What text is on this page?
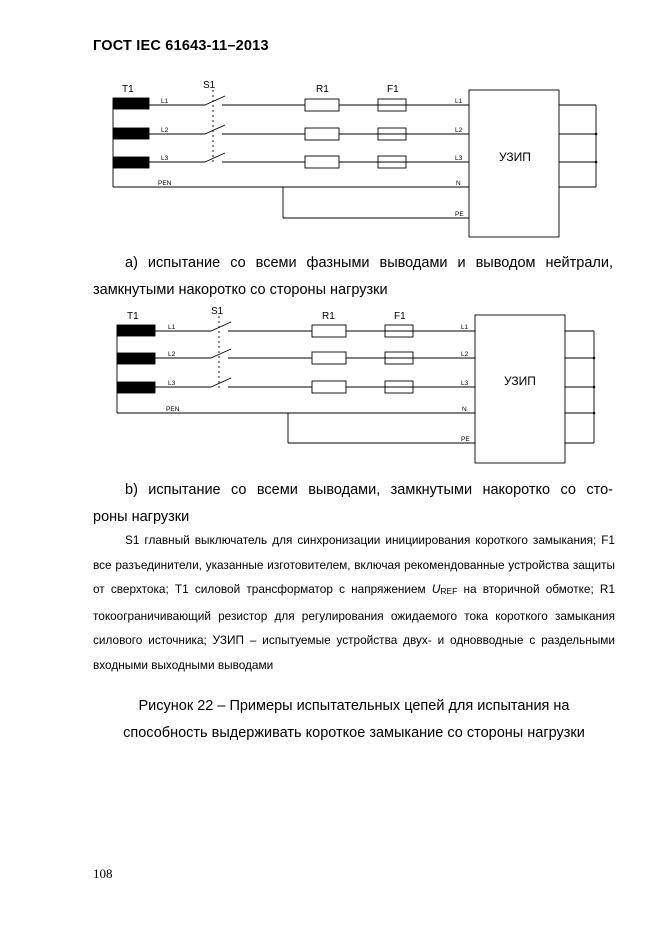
ГОСТ IEC 61643-11–2013
T1	S1	R1	F1
L1
L2
L3
PEN
L1
L2
L3
N
PE
УЗИП
а) испытание со всеми фазными выводами и выводом нейтрали,
замкнутыми накоротко со стороны нагрузки
T1	S1	R1	F1
L1
L2
L3
PEN
L1
L2
L3
N
PE
УЗИП
b) испытание со всеми выводами, замкнутыми накоротко со сто-
роны нагрузки
S1 главный выключатель для синхронизации инициирования короткого замыкания; F1 все разъединители, указанные изготовителем, включая рекомендованные устройства защиты от сверхтока; Т1 силовой трансформатор с напряжением $U_{REF}$ на вторичной обмотке; R1 токоограничивающий резистор для регулирования ожидаемого тока короткого замыкания силового источника; УЗИП – испытуемые устройства двух- и одновводные с раздельными входными выходными выводами
Рисунок 22 – Примеры испытательных цепей для испытания на
способность выдерживать короткое замыкание со стороны нагрузки
108
